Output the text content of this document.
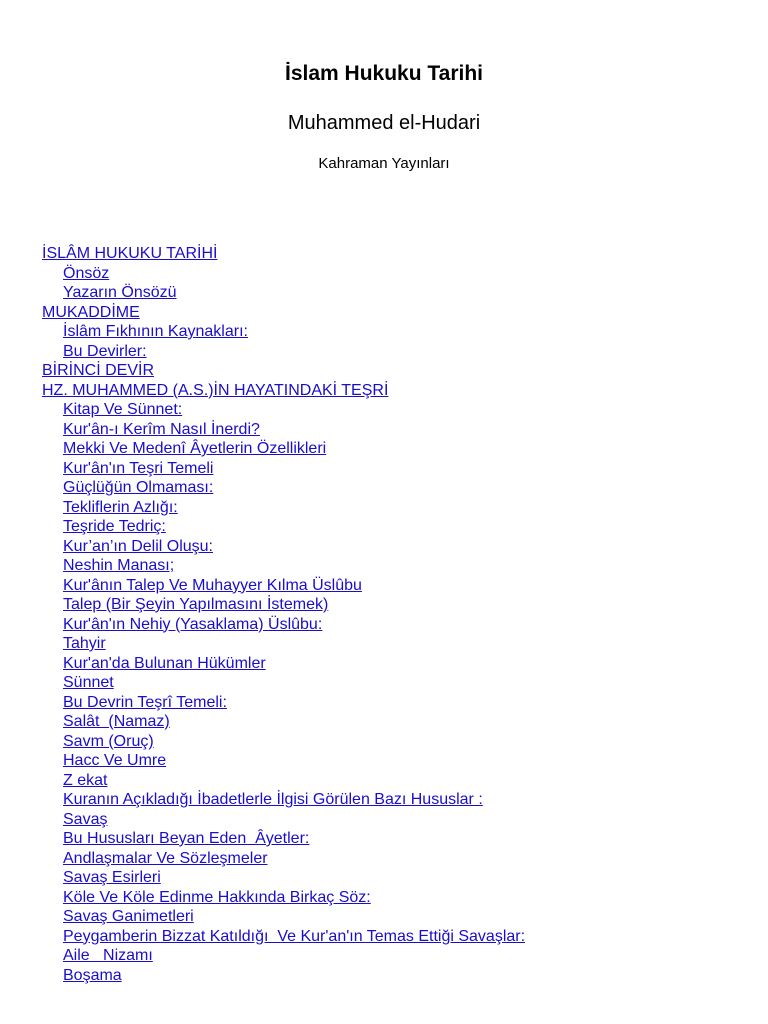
İslam Hukuku Tarihi

Muhammed el-Hudari

Kahraman Yayınları

İSLÂM HUKUKU TARİHİ
Önsöz
Yazarın Önsözü
MUKADDİME
İslâm Fıkhının Kaynakları:
Bu Devirler:
BİRİNCİ DEVİR
HZ. MUHAMMED (A.S.)İN HAYATINDAKİ TEŞRİ
Kitap Ve Sünnet:
Kur'ân-ı Kerîm Nasıl İnerdi?
Mekki Ve Medenî Âyetlerin Özellikleri
Kur'ân'ın Teşri Temeli
Güçlüğün Olmaması:
Tekliflerin Azlığı:
Teşride Tedriç:
Kur’an’ın Delil Oluşu:
Neshin Manası;
Kur'ânın Talep Ve Muhayyer Kılma Üslûbu
Talep (Bir Şeyin Yapılmasını İstemek)
Kur'ân'ın Nehiy (Yasaklama) Üslûbu:
Tahyir
Kur'an'da Bulunan Hükümler
Sünnet
Bu Devrin Teşrî Temeli:
Salât  (Namaz)
Savm (Oruç)
Hacc Ve Umre
Z ekat
Kuranın Açıkladığı İbadetlerle İlgisi Görülen Bazı Hususlar :
Savaş
Bu Hususları Beyan Eden  Âyetler:
Andlaşmalar Ve Sözleşmeler
Savaş Esirleri
Köle Ve Köle Edinme Hakkında Birkaç Söz:
Savaş Ganimetleri
Peygamberin Bizzat Katıldığı  Ve Kur'an'ın Temas Ettiği Savaşlar:
Aile   Nizamı
Boşama
